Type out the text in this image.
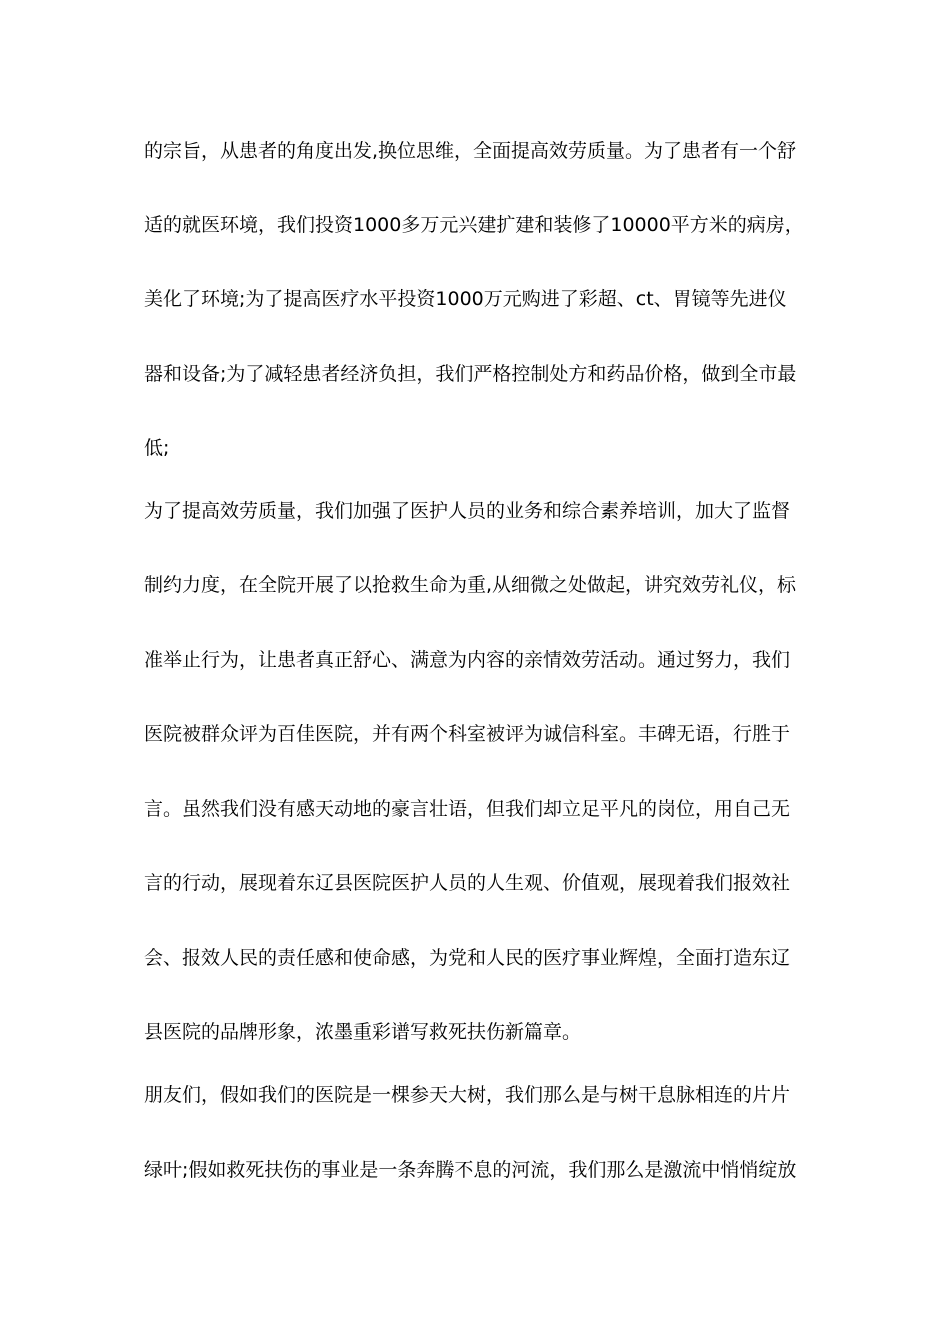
的宗旨，从患者的角度出发,换位思维，全面提高效劳质量。为了患者有一个舒
适的就医环境，我们投资1000多万元兴建扩建和装修了10000平方米的病房，
美化了环境;为了提高医疗水平投资1000万元购进了彩超、ct、胃镜等先进仪
器和设备;为了减轻患者经济负担，我们严格控制处方和药品价格，做到全市最
低;
为了提高效劳质量，我们加强了医护人员的业务和综合素养培训，加大了监督
制约力度，在全院开展了以抢救生命为重,从细微之处做起，讲究效劳礼仪，标
准举止行为，让患者真正舒心、满意为内容的亲情效劳活动。通过努力，我们
医院被群众评为百佳医院，并有两个科室被评为诚信科室。丰碑无语，行胜于
言。虽然我们没有感天动地的豪言壮语，但我们却立足平凡的岗位，用自己无
言的行动，展现着东辽县医院医护人员的人生观、价值观，展现着我们报效社
会、报效人民的责任感和使命感，为党和人民的医疗事业辉煌，全面打造东辽
县医院的品牌形象，浓墨重彩谱写救死扶伤新篇章。
朋友们，假如我们的医院是一棵参天大树，我们那么是与树干息脉相连的片片
绿叶;假如救死扶伤的事业是一条奔腾不息的河流，我们那么是激流中悄悄绽放
